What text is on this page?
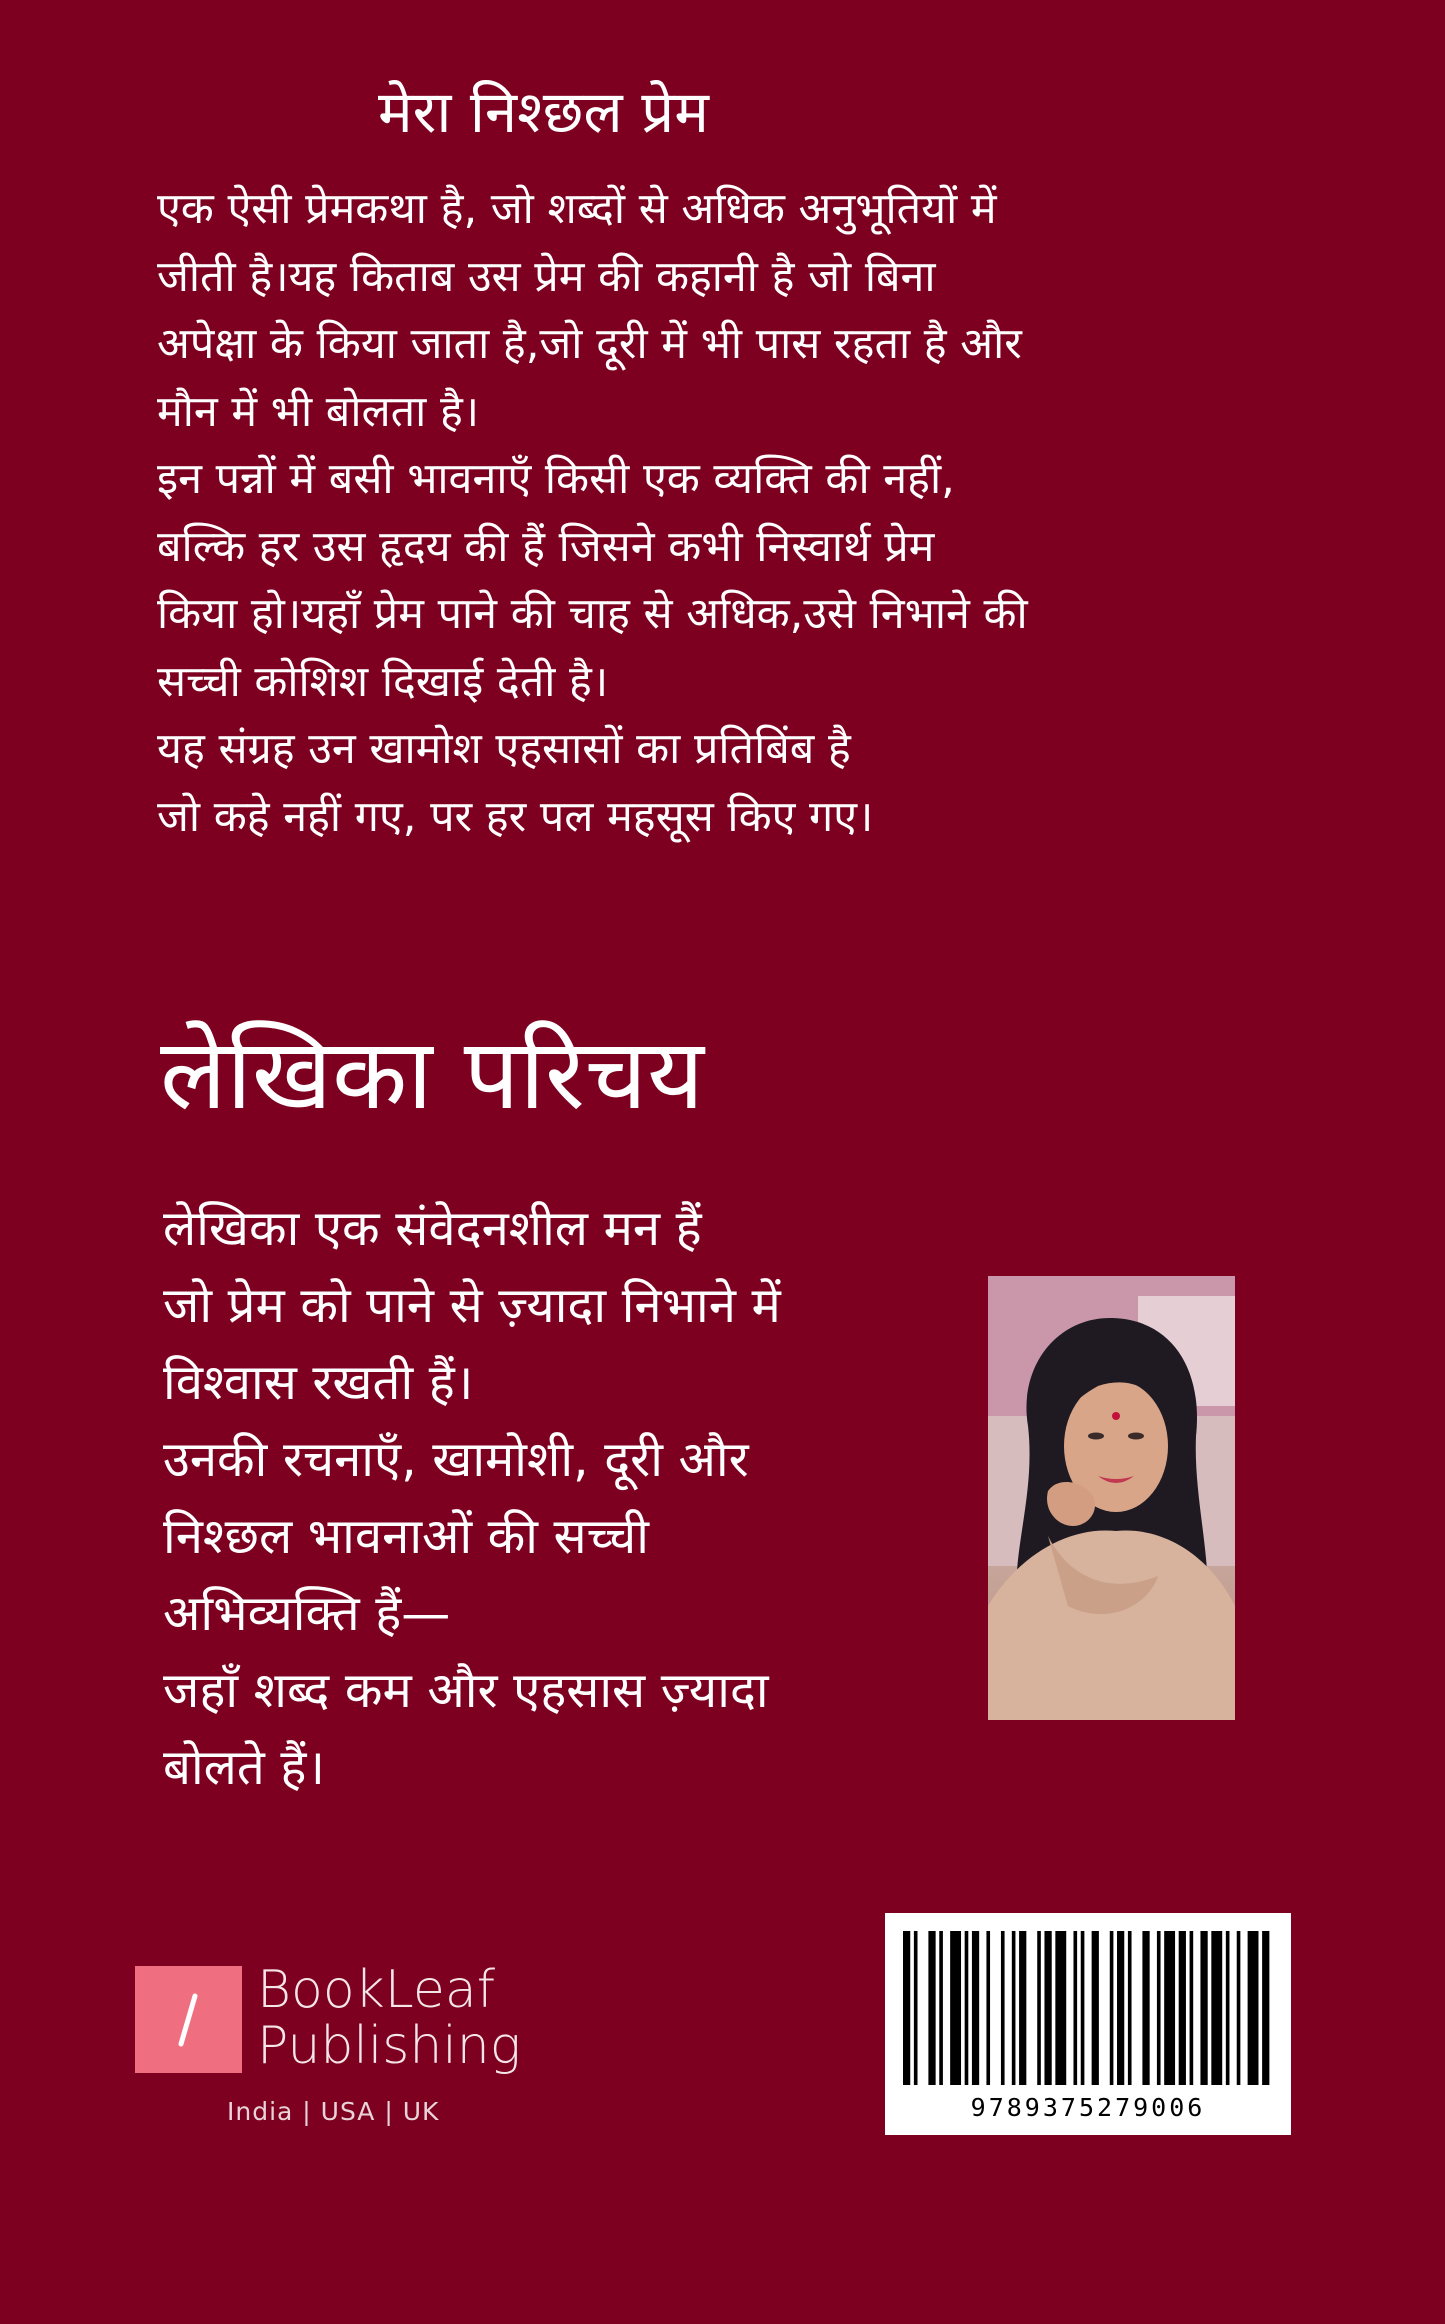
मेरा निश्छल प्रेम
एक ऐसी प्रेमकथा है, जो शब्दों से अधिक अनुभूतियों में
जीती है।यह किताब उस प्रेम की कहानी है जो बिना
अपेक्षा के किया जाता है,जो दूरी में भी पास रहता है और
मौन में भी बोलता है।
इन पन्नों में बसी भावनाएँ किसी एक व्यक्ति की नहीं,
बल्कि हर उस हृदय की हैं जिसने कभी निस्वार्थ प्रेम
किया हो।यहाँ प्रेम पाने की चाह से अधिक,उसे निभाने की
सच्ची कोशिश दिखाई देती है।
यह संग्रह उन खामोश एहसासों का प्रतिबिंब है
जो कहे नहीं गए, पर हर पल महसूस किए गए।
लेखिका परिचय
लेखिका एक संवेदनशील मन हैं
जो प्रेम को पाने से ज़्यादा निभाने में
विश्वास रखती हैं।
उनकी रचनाएँ, खामोशी, दूरी और
निश्छल भावनाओं की सच्ची
अभिव्यक्ति हैं—
जहाँ शब्द कम और एहसास ज़्यादा
बोलते हैं।
BookLeaf
Publishing
India | USA | UK	9789375279006
